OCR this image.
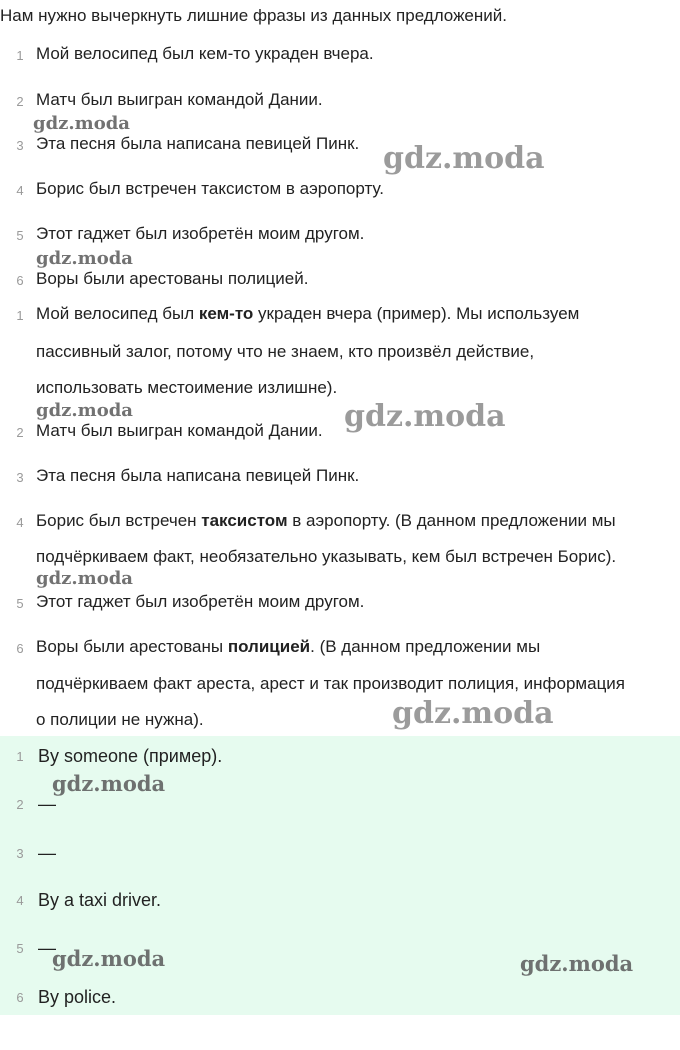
Нам нужно вычеркнуть лишние фразы из данных предложений.
1 Мой велосипед был кем-то украден вчера.
2 Матч был выигран командой Дании.
3 Эта песня была написана певицей Пинк.
4 Борис был встречен таксистом в аэропорту.
5 Этот гаджет был изобретён моим другом.
6 Воры были арестованы полицией.
1 Мой велосипед был кем-то украден вчера (пример). Мы используем
пассивный залог, потому что не знаем, кто произвёл действие,
использовать местоимение излишне).
2 Матч был выигран командой Дании.
3 Эта песня была написана певицей Пинк.
4 Борис был встречен таксистом в аэропорту. (В данном предложении мы
подчёркиваем факт, необязательно указывать, кем был встречен Борис).
5 Этот гаджет был изобретён моим другом.
6 Воры были арестованы полицией. (В данном предложении мы
подчёркиваем факт ареста, арест и так производит полиция, информация
о полиции не нужна).
1 By someone (пример).
2 —
3 —
4 By a taxi driver.
5 —
6 By police.
gdz.moda
gdz.moda
gdz.moda
gdz.moda	gdz.moda
gdz.moda
gdz.moda
gdz.moda
gdz.moda	gdz.moda
